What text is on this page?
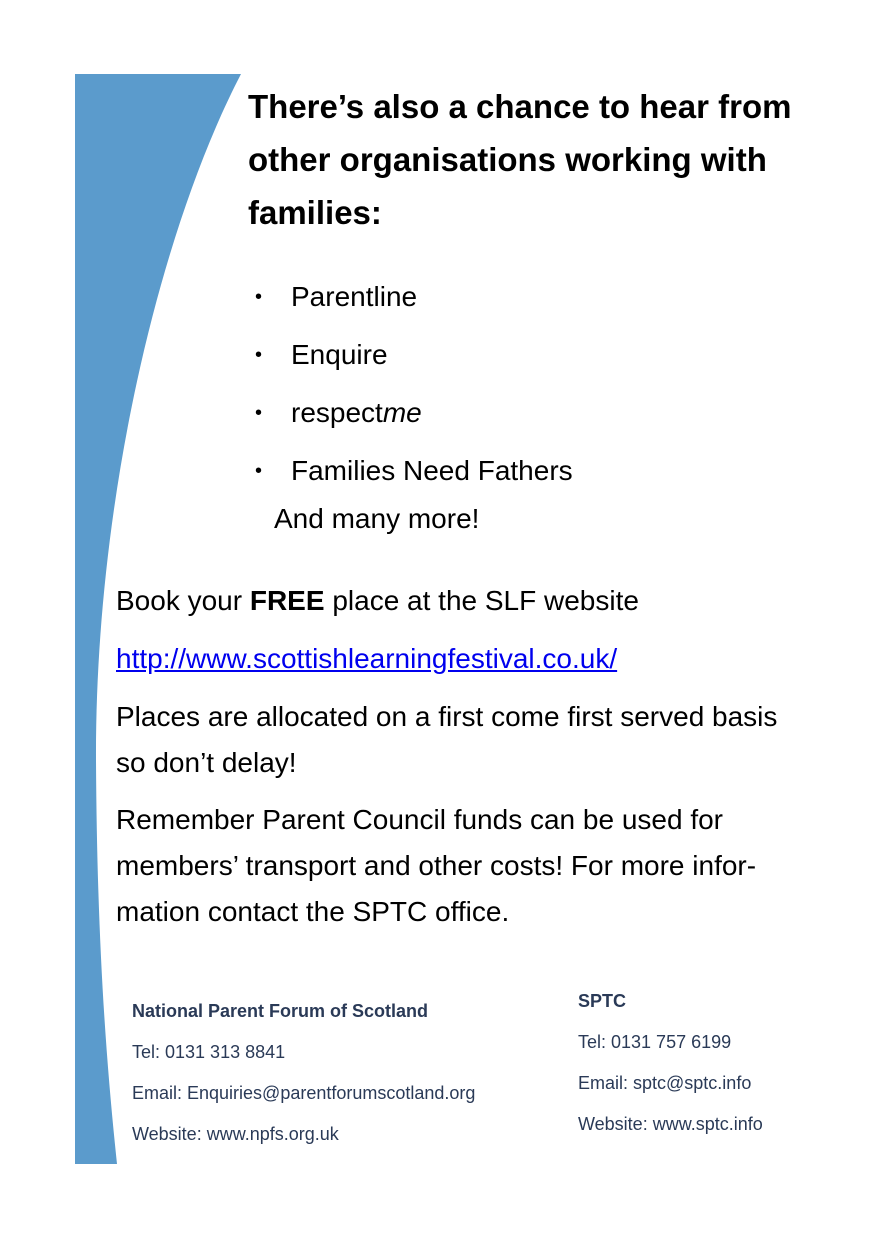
There’s also a chance to hear from other organisations working with families:
• Parentline
• Enquire
• respectme
• Families Need Fathers
And many more!

Book your FREE place at the SLF website

http://www.scottishlearningfestival.co.uk/

Places are allocated on a first come first served basis so don’t delay!

Remember Parent Council funds can be used for members’ transport and other costs! For more infor-mation contact the SPTC office.

National Parent Forum of Scotland
Tel: 0131 313 8841
Email: Enquiries@parentforumscotland.org
Website: www.npfs.org.uk
SPTC
Tel: 0131 757 6199
Email: sptc@sptc.info
Website: www.sptc.info
